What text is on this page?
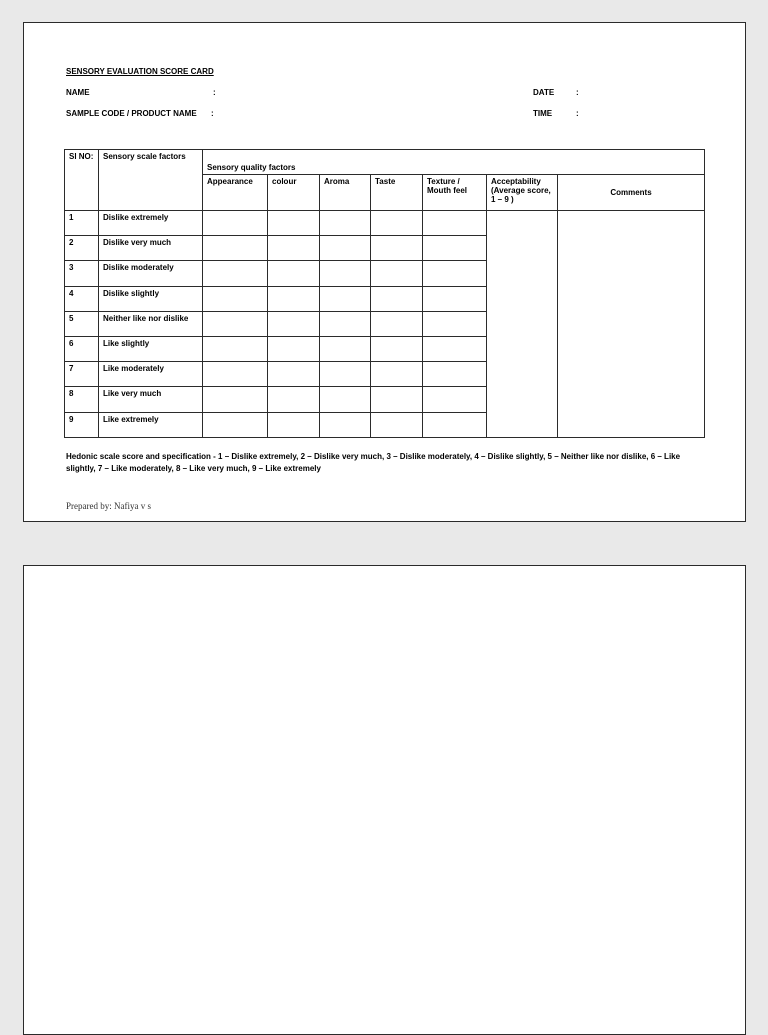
SENSORY EVALUATION SCORE CARD
NAME	:	DATE	:
SAMPLE CODE / PRODUCT NAME :	TIME	:
Sl NO:	Sensory scale factors	Sensory quality factors						
		Appearance	colour	Aroma	Taste	Texture / Mouth feel	Acceptability (Average score, 1 – 9 )	Comments
1	Dislike extremely							
2	Dislike very much							
3	Dislike moderately							
4	Dislike slightly							
5	Neither like nor dislike							
6	Like slightly							
7	Like moderately							
8	Like very much							
9	Like extremely							
Hedonic scale score and specification - 1 – Dislike extremely, 2 – Dislike very much, 3 – Dislike moderately, 4 – Dislike slightly, 5 – Neither like nor dislike, 6 – Like slightly, 7 – Like moderately, 8 – Like very much, 9 – Like extremely
Prepared by: Nafiya v s
